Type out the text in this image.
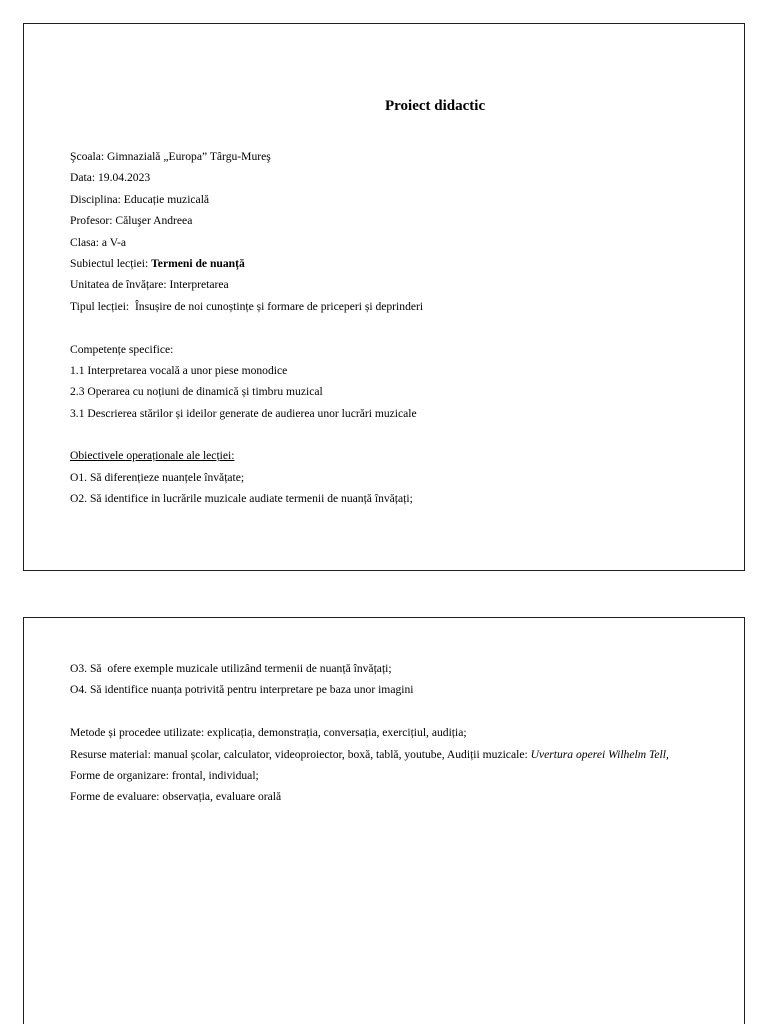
Proiect didactic
Şcoala: Gimnazială „Europa” Târgu-Mureş
Data: 19.04.2023
Disciplina: Educație muzicală
Profesor: Căluşer Andreea
Clasa: a V-a
Subiectul lecției: Termeni de nuanță
Unitatea de învățare: Interpretarea
Tipul lecției:  Însușire de noi cunoștințe și formare de priceperi și deprinderi
Competențe specifice:
1.1 Interpretarea vocală a unor piese monodice
2.3 Operarea cu noțiuni de dinamică și timbru muzical
3.1 Descrierea stărilor și ideilor generate de audierea unor lucrări muzicale
Obiectivele operaționale ale lecției:
O1. Să diferențieze nuanțele învățate;
O2. Să identifice in lucrările muzicale audiate termenii de nuanță învățați;
O3. Să  ofere exemple muzicale utilizând termenii de nuanță învățați;
O4. Să identifice nuanța potrivită pentru interpretare pe baza unor imagini
Metode și procedee utilizate: explicația, demonstrația, conversația, exercițiul, audiția;
Resurse material: manual școlar, calculator, videoproiector, boxă, tablă, youtube, Audiții muzicale: Uvertura operei Wilhelm Tell,
Forme de organizare: frontal, individual;
Forme de evaluare: observația, evaluare orală
